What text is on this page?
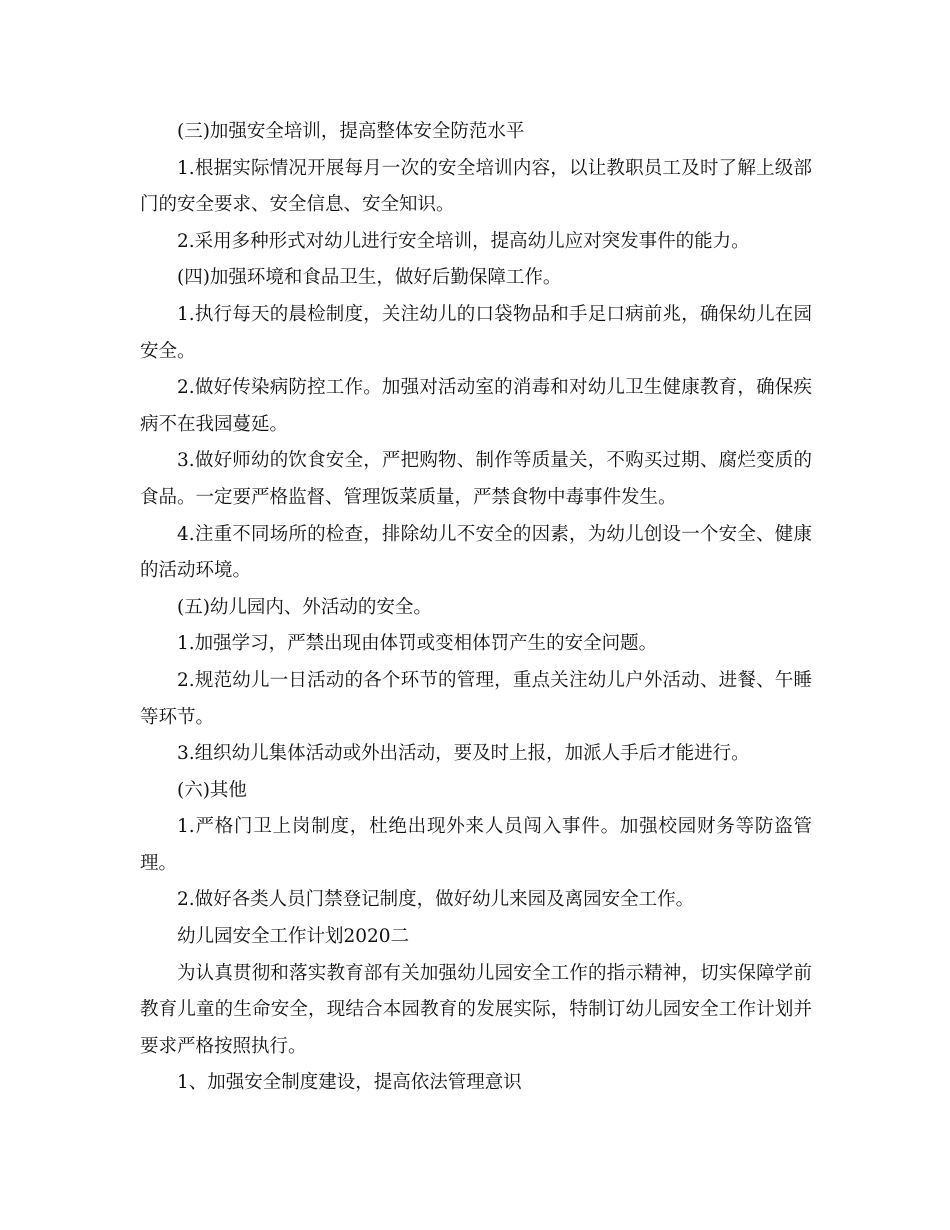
(三)加强安全培训，提高整体安全防范水平

1.根据实际情况开展每月一次的安全培训内容，以让教职员工及时了解上级部门的安全要求、安全信息、安全知识。

2.采用多种形式对幼儿进行安全培训，提高幼儿应对突发事件的能力。

(四)加强环境和食品卫生，做好后勤保障工作。

1.执行每天的晨检制度，关注幼儿的口袋物品和手足口病前兆，确保幼儿在园安全。

2.做好传染病防控工作。加强对活动室的消毒和对幼儿卫生健康教育，确保疾病不在我园蔓延。

3.做好师幼的饮食安全，严把购物、制作等质量关，不购买过期、腐烂变质的食品。一定要严格监督、管理饭菜质量，严禁食物中毒事件发生。

4.注重不同场所的检查，排除幼儿不安全的因素，为幼儿创设一个安全、健康的活动环境。

(五)幼儿园内、外活动的安全。

1.加强学习，严禁出现由体罚或变相体罚产生的安全问题。

2.规范幼儿一日活动的各个环节的管理，重点关注幼儿户外活动、进餐、午睡等环节。

3.组织幼儿集体活动或外出活动，要及时上报，加派人手后才能进行。

(六)其他

1.严格门卫上岗制度，杜绝出现外来人员闯入事件。加强校园财务等防盗管理。

2.做好各类人员门禁登记制度，做好幼儿来园及离园安全工作。

幼儿园安全工作计划2020二

为认真贯彻和落实教育部有关加强幼儿园安全工作的指示精神，切实保障学前教育儿童的生命安全，现结合本园教育的发展实际，特制订幼儿园安全工作计划并要求严格按照执行。

1、加强安全制度建设，提高依法管理意识
